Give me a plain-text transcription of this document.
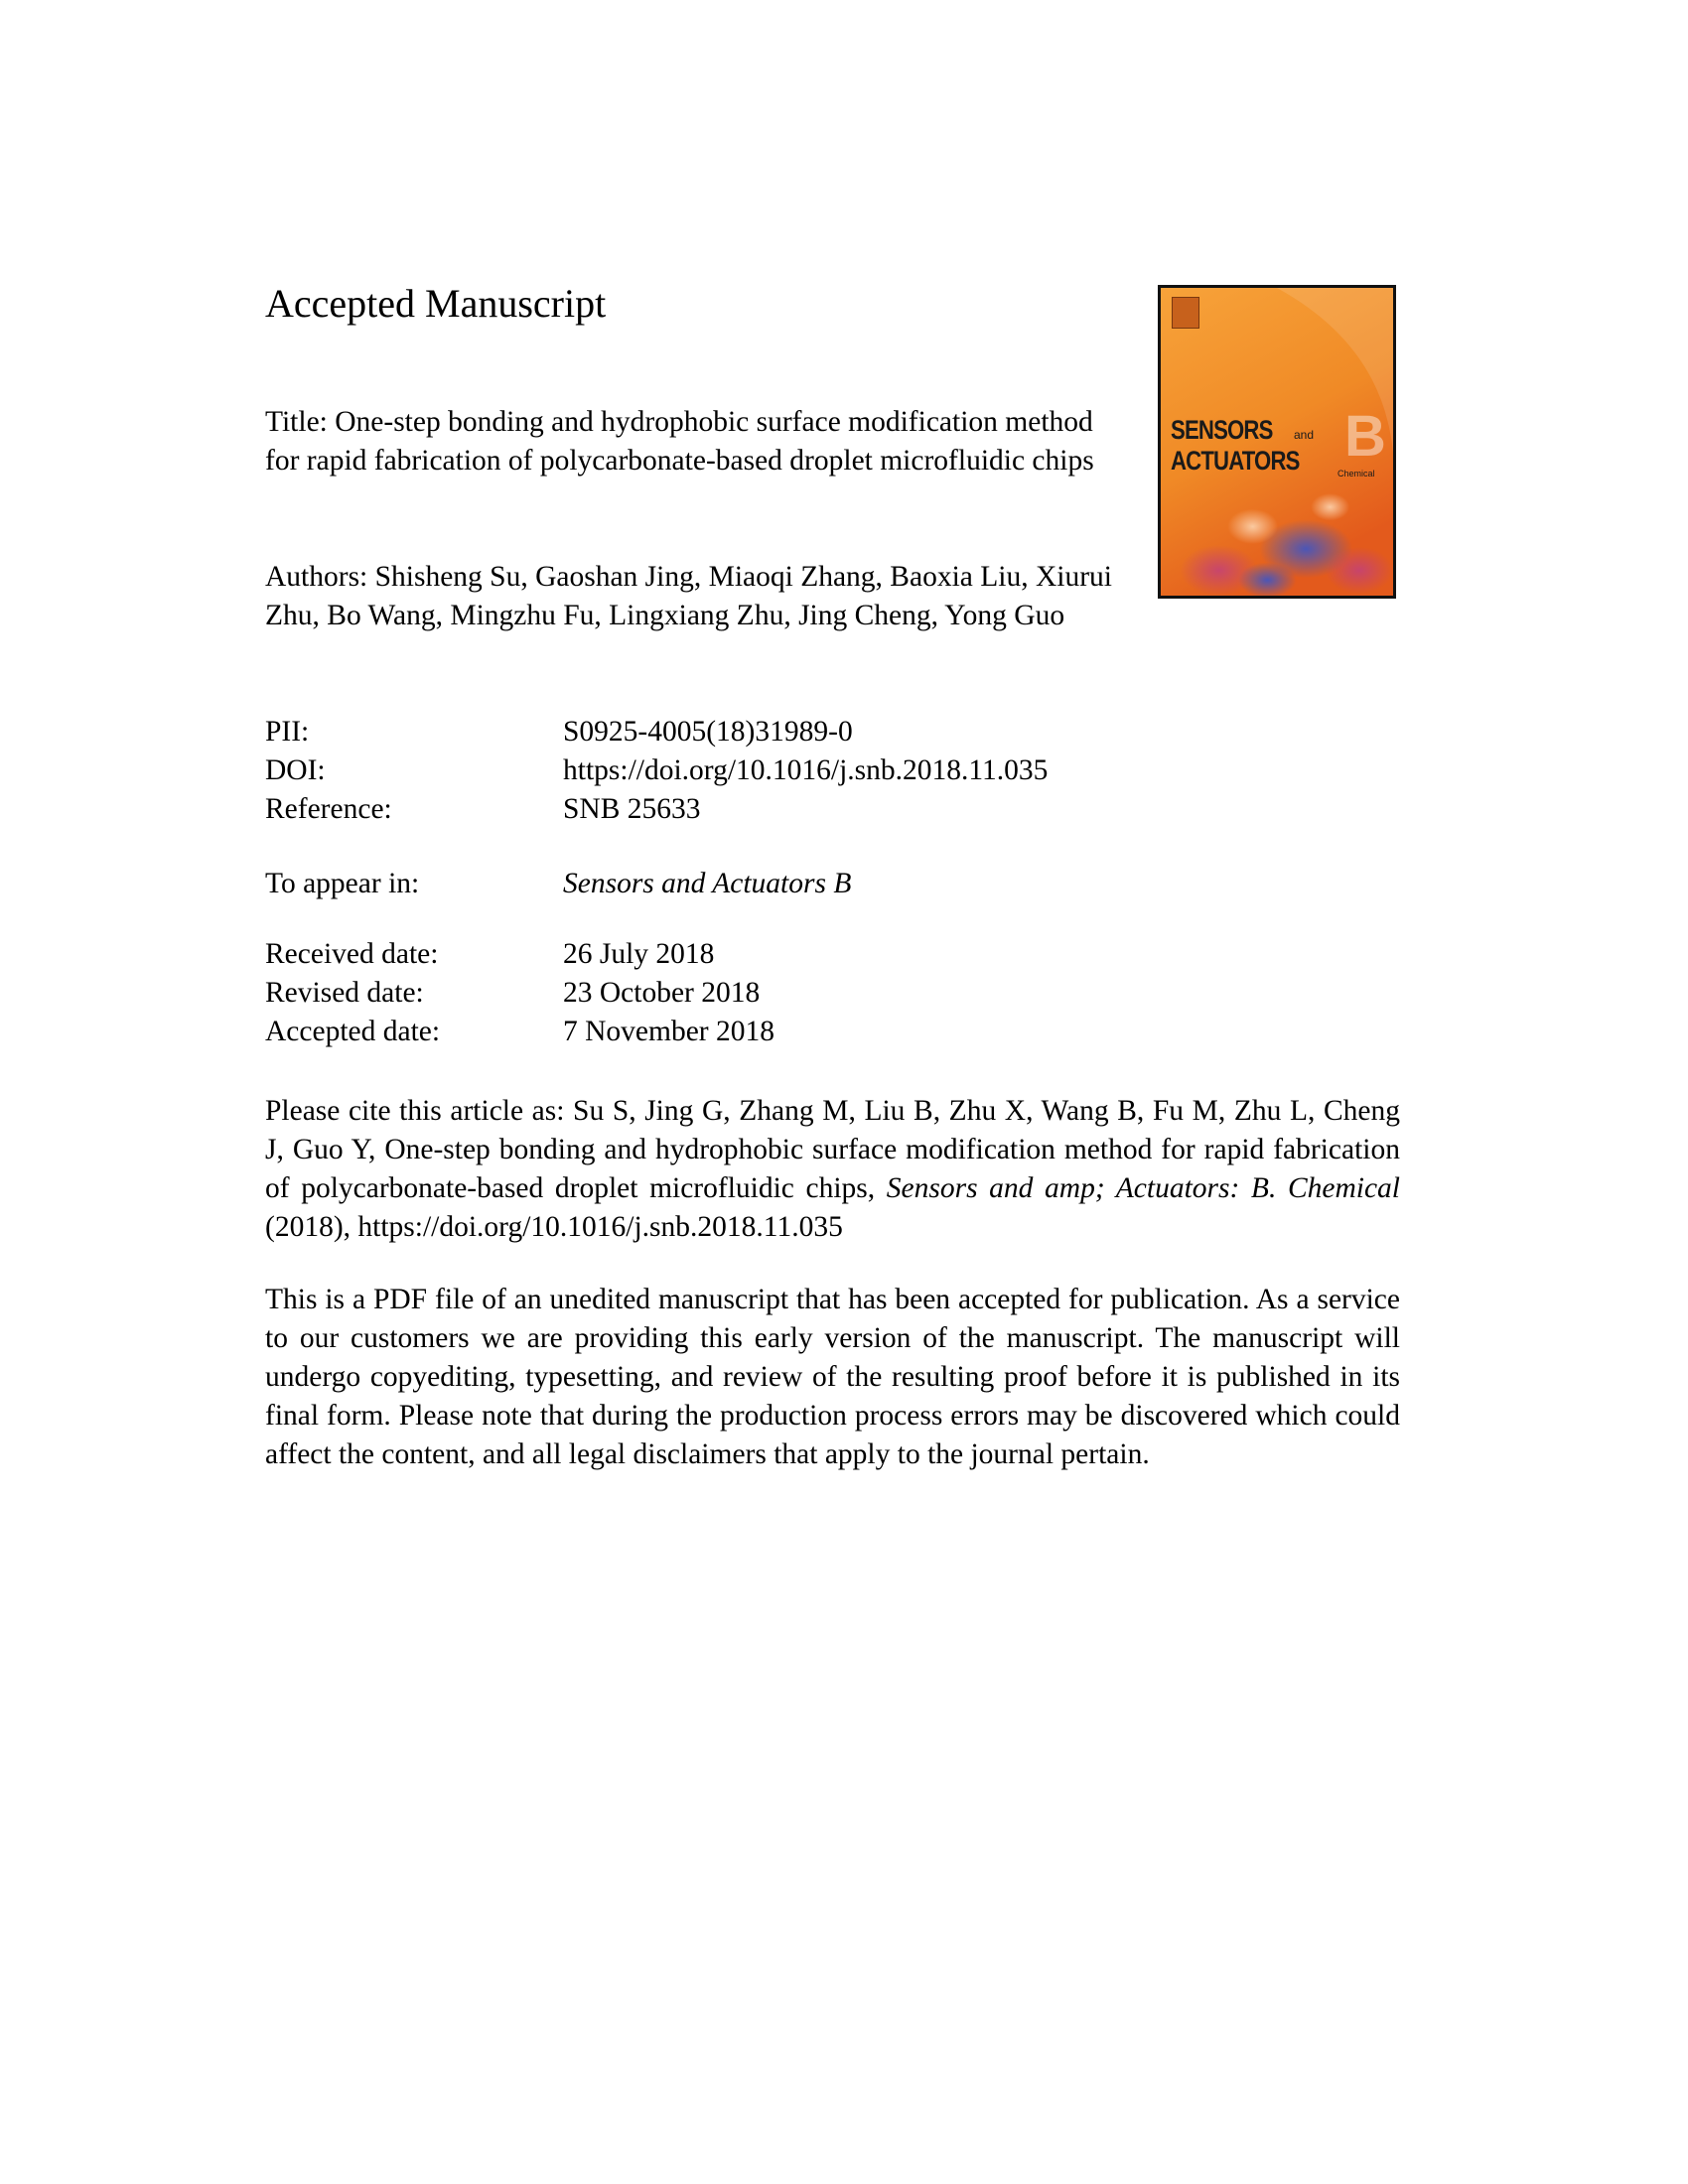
Accepted Manuscript
Title: One-step bonding and hydrophobic surface modification method for rapid fabrication of polycarbonate-based droplet microfluidic chips
Authors: Shisheng Su, Gaoshan Jing, Miaoqi Zhang, Baoxia Liu, Xiurui Zhu, Bo Wang, Mingzhu Fu, Lingxiang Zhu, Jing Cheng, Yong Guo
PII:	S0925-4005(18)31989-0
DOI:	https://doi.org/10.1016/j.snb.2018.11.035
Reference:	SNB 25633
To appear in:	Sensors and Actuators B
Received date:	26 July 2018
Revised date:	23 October 2018
Accepted date:	7 November 2018
Please cite this article as: Su S, Jing G, Zhang M, Liu B, Zhu X, Wang B, Fu M, Zhu L, Cheng J, Guo Y, One-step bonding and hydrophobic surface modification method for rapid fabrication of polycarbonate-based droplet microfluidic chips, Sensors and amp; Actuators: B. Chemical (2018), https://doi.org/10.1016/j.snb.2018.11.035
This is a PDF file of an unedited manuscript that has been accepted for publication. As a service to our customers we are providing this early version of the manuscript. The manuscript will undergo copyediting, typesetting, and review of the resulting proof before it is published in its final form. Please note that during the production process errors may be discovered which could affect the content, and all legal disclaimers that apply to the journal pertain.
SENSORS and
ACTUATORS B
Chemical
